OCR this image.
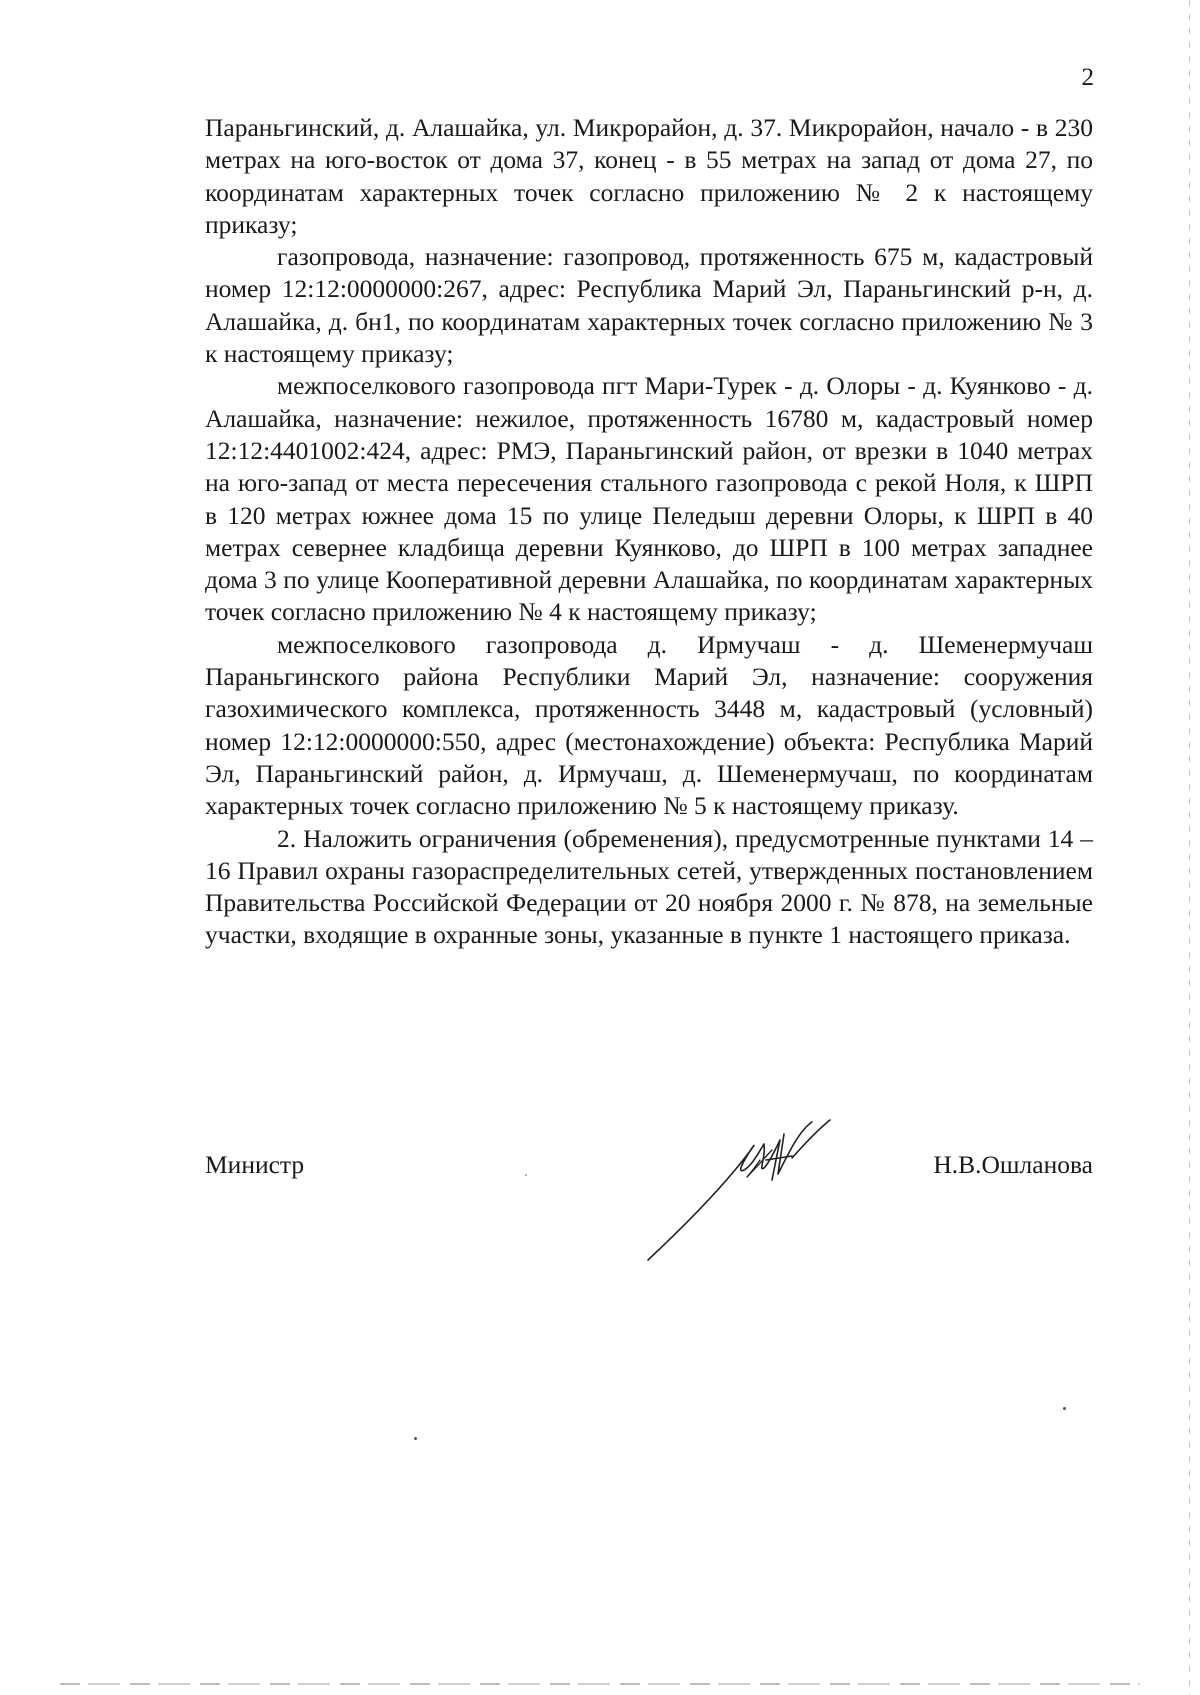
2

Параньгинский, д. Алашайка, ул. Микрорайон, д. 37. Микрорайон, начало - в 230 метрах на юго-восток от дома 37, конец - в 55 метрах на запад от дома 27, по координатам характерных точек согласно приложению № 2 к настоящему приказу;

газопровода, назначение: газопровод, протяженность 675 м, кадастровый номер 12:12:0000000:267, адрес: Республика Марий Эл, Параньгинский р-н, д. Алашайка, д. бн1, по координатам характерных точек согласно приложению № 3 к настоящему приказу;

межпоселкового газопровода пгт Мари-Турек - д. Олоры - д. Куянково - д. Алашайка, назначение: нежилое, протяженность 16780 м, кадастровый номер 12:12:4401002:424, адрес: РМЭ, Параньгинский район, от врезки в 1040 метрах на юго-запад от места пересечения стального газопровода с рекой Ноля, к ШРП в 120 метрах южнее дома 15 по улице Пеледыш деревни Олоры, к ШРП в 40 метрах севернее кладбища деревни Куянково, до ШРП в 100 метрах западнее дома 3 по улице Кооперативной деревни Алашайка, по координатам характерных точек согласно приложению № 4 к настоящему приказу;

межпоселкового газопровода д. Ирмучаш - д. Шеменермучаш Параньгинского района Республики Марий Эл, назначение: сооружения газохимического комплекса, протяженность 3448 м, кадастровый (условный) номер 12:12:0000000:550, адрес (местонахождение) объекта: Республика Марий Эл, Параньгинский район, д. Ирмучаш, д. Шеменермучаш, по координатам характерных точек согласно приложению № 5 к настоящему приказу.

2. Наложить ограничения (обременения), предусмотренные пунктами 14 – 16 Правил охраны газораспределительных сетей, утвержденных постановлением Правительства Российской Федерации от 20 ноября 2000 г. № 878, на земельные участки, входящие в охранные зоны, указанные в пункте 1 настоящего приказа.

Министр	Н.В.Ошланова
